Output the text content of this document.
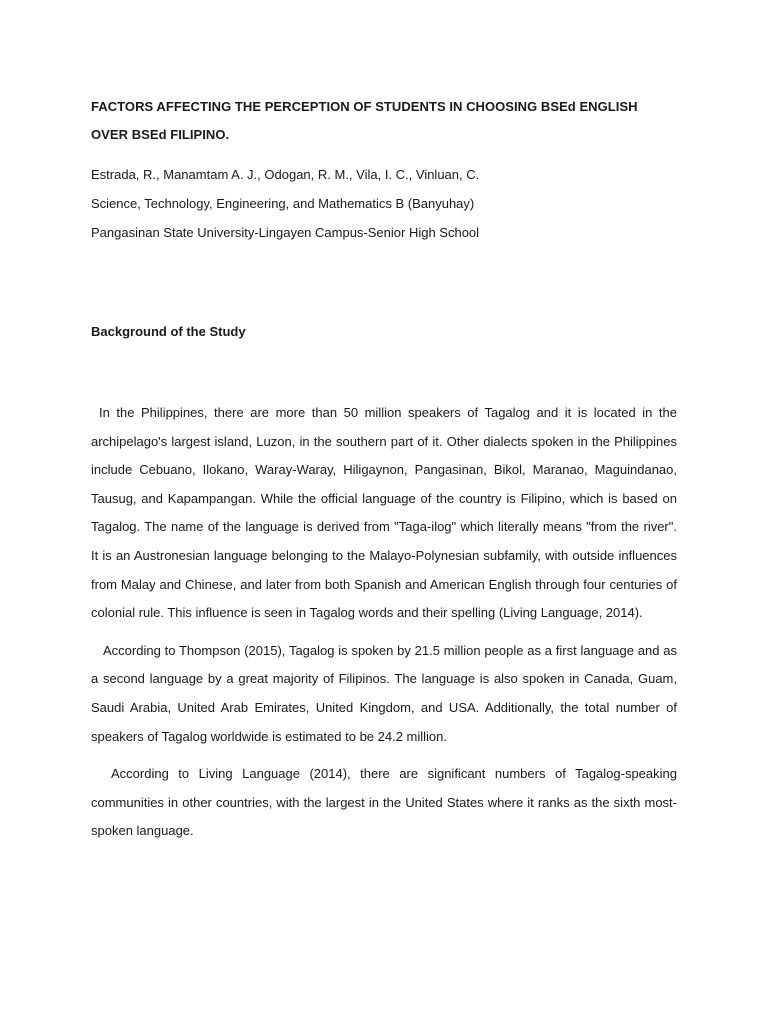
FACTORS AFFECTING THE PERCEPTION OF STUDENTS IN CHOOSING BSEd ENGLISH OVER BSEd FILIPINO.

Estrada, R., Manamtam A. J., Odogan, R. M., Vila, I. C., Vinluan, C.

Science, Technology, Engineering, and Mathematics B (Banyuhay)

Pangasinan State University-Lingayen Campus-Senior High School

Background of the Study

In the Philippines, there are more than 50 million speakers of Tagalog and it is located in the archipelago's largest island, Luzon, in the southern part of it. Other dialects spoken in the Philippines include Cebuano, Ilokano, Waray-Waray, Hiligaynon, Pangasinan, Bikol, Maranao, Maguindanao, Tausug, and Kapampangan. While the official language of the country is Filipino, which is based on Tagalog. The name of the language is derived from "Taga-ilog" which literally means "from the river". It is an Austronesian language belonging to the Malayo-Polynesian subfamily, with outside influences from Malay and Chinese, and later from both Spanish and American English through four centuries of colonial rule. This influence is seen in Tagalog words and their spelling (Living Language, 2014).

According to Thompson (2015), Tagalog is spoken by 21.5 million people as a first language and as a second language by a great majority of Filipinos. The language is also spoken in Canada, Guam, Saudi Arabia, United Arab Emirates, United Kingdom, and USA. Additionally, the total number of speakers of Tagalog worldwide is estimated to be 24.2 million.

According to Living Language (2014), there are significant numbers of Tagalog-speaking communities in other countries, with the largest in the United States where it ranks as the sixth most-spoken language.
